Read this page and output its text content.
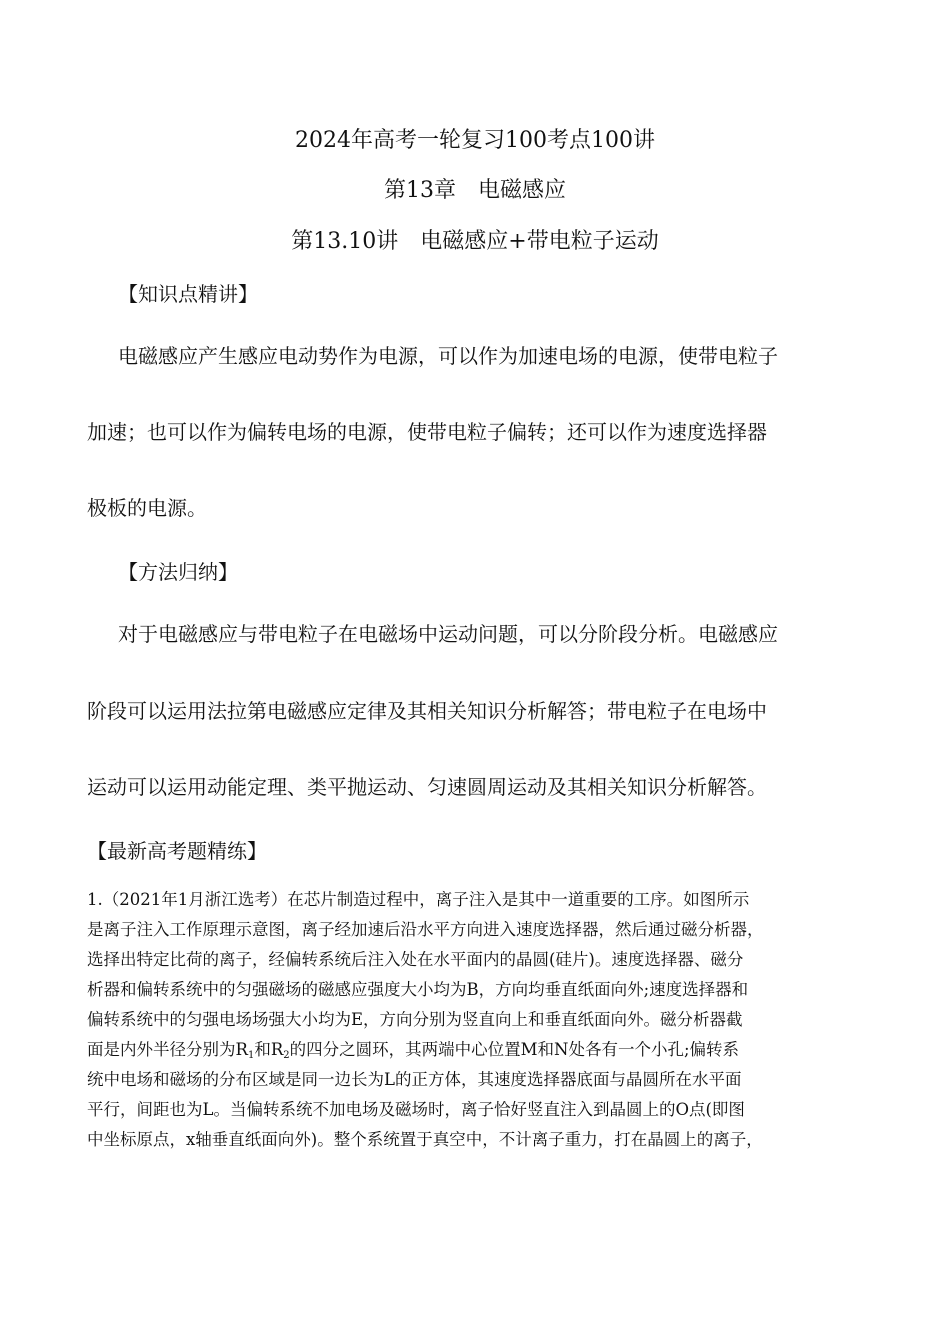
2024年高考一轮复习100考点100讲
第13章　电磁感应
第13.10讲　电磁感应+带电粒子运动
【知识点精讲】
电磁感应产生感应电动势作为电源，可以作为加速电场的电源，使带电粒子
加速；也可以作为偏转电场的电源，使带电粒子偏转；还可以作为速度选择器
极板的电源。
【方法归纳】
对于电磁感应与带电粒子在电磁场中运动问题，可以分阶段分析。电磁感应
阶段可以运用法拉第电磁感应定律及其相关知识分析解答；带电粒子在电场中
运动可以运用动能定理、类平抛运动、匀速圆周运动及其相关知识分析解答。
【最新高考题精练】
1.（2021年1月浙江选考）在芯片制造过程中，离子注入是其中一道重要的工序。如图所示
是离子注入工作原理示意图，离子经加速后沿水平方向进入速度选择器，然后通过磁分析器，
选择出特定比荷的离子，经偏转系统后注入处在水平面内的晶圆(硅片)。速度选择器、磁分
析器和偏转系统中的匀强磁场的磁感应强度大小均为B，方向均垂直纸面向外;速度选择器和
偏转系统中的匀强电场场强大小均为E，方向分别为竖直向上和垂直纸面向外。磁分析器截
面是内外半径分别为$R_1$和$R_2$的四分之圆环，其两端中心位置M和N处各有一个小孔;偏转系
统中电场和磁场的分布区域是同一边长为L的正方体，其速度选择器底面与晶圆所在水平面
平行，间距也为L。当偏转系统不加电场及磁场时，离子恰好竖直注入到晶圆上的O点(即图
中坐标原点，x轴垂直纸面向外)。整个系统置于真空中，不计离子重力，打在晶圆上的离子，
